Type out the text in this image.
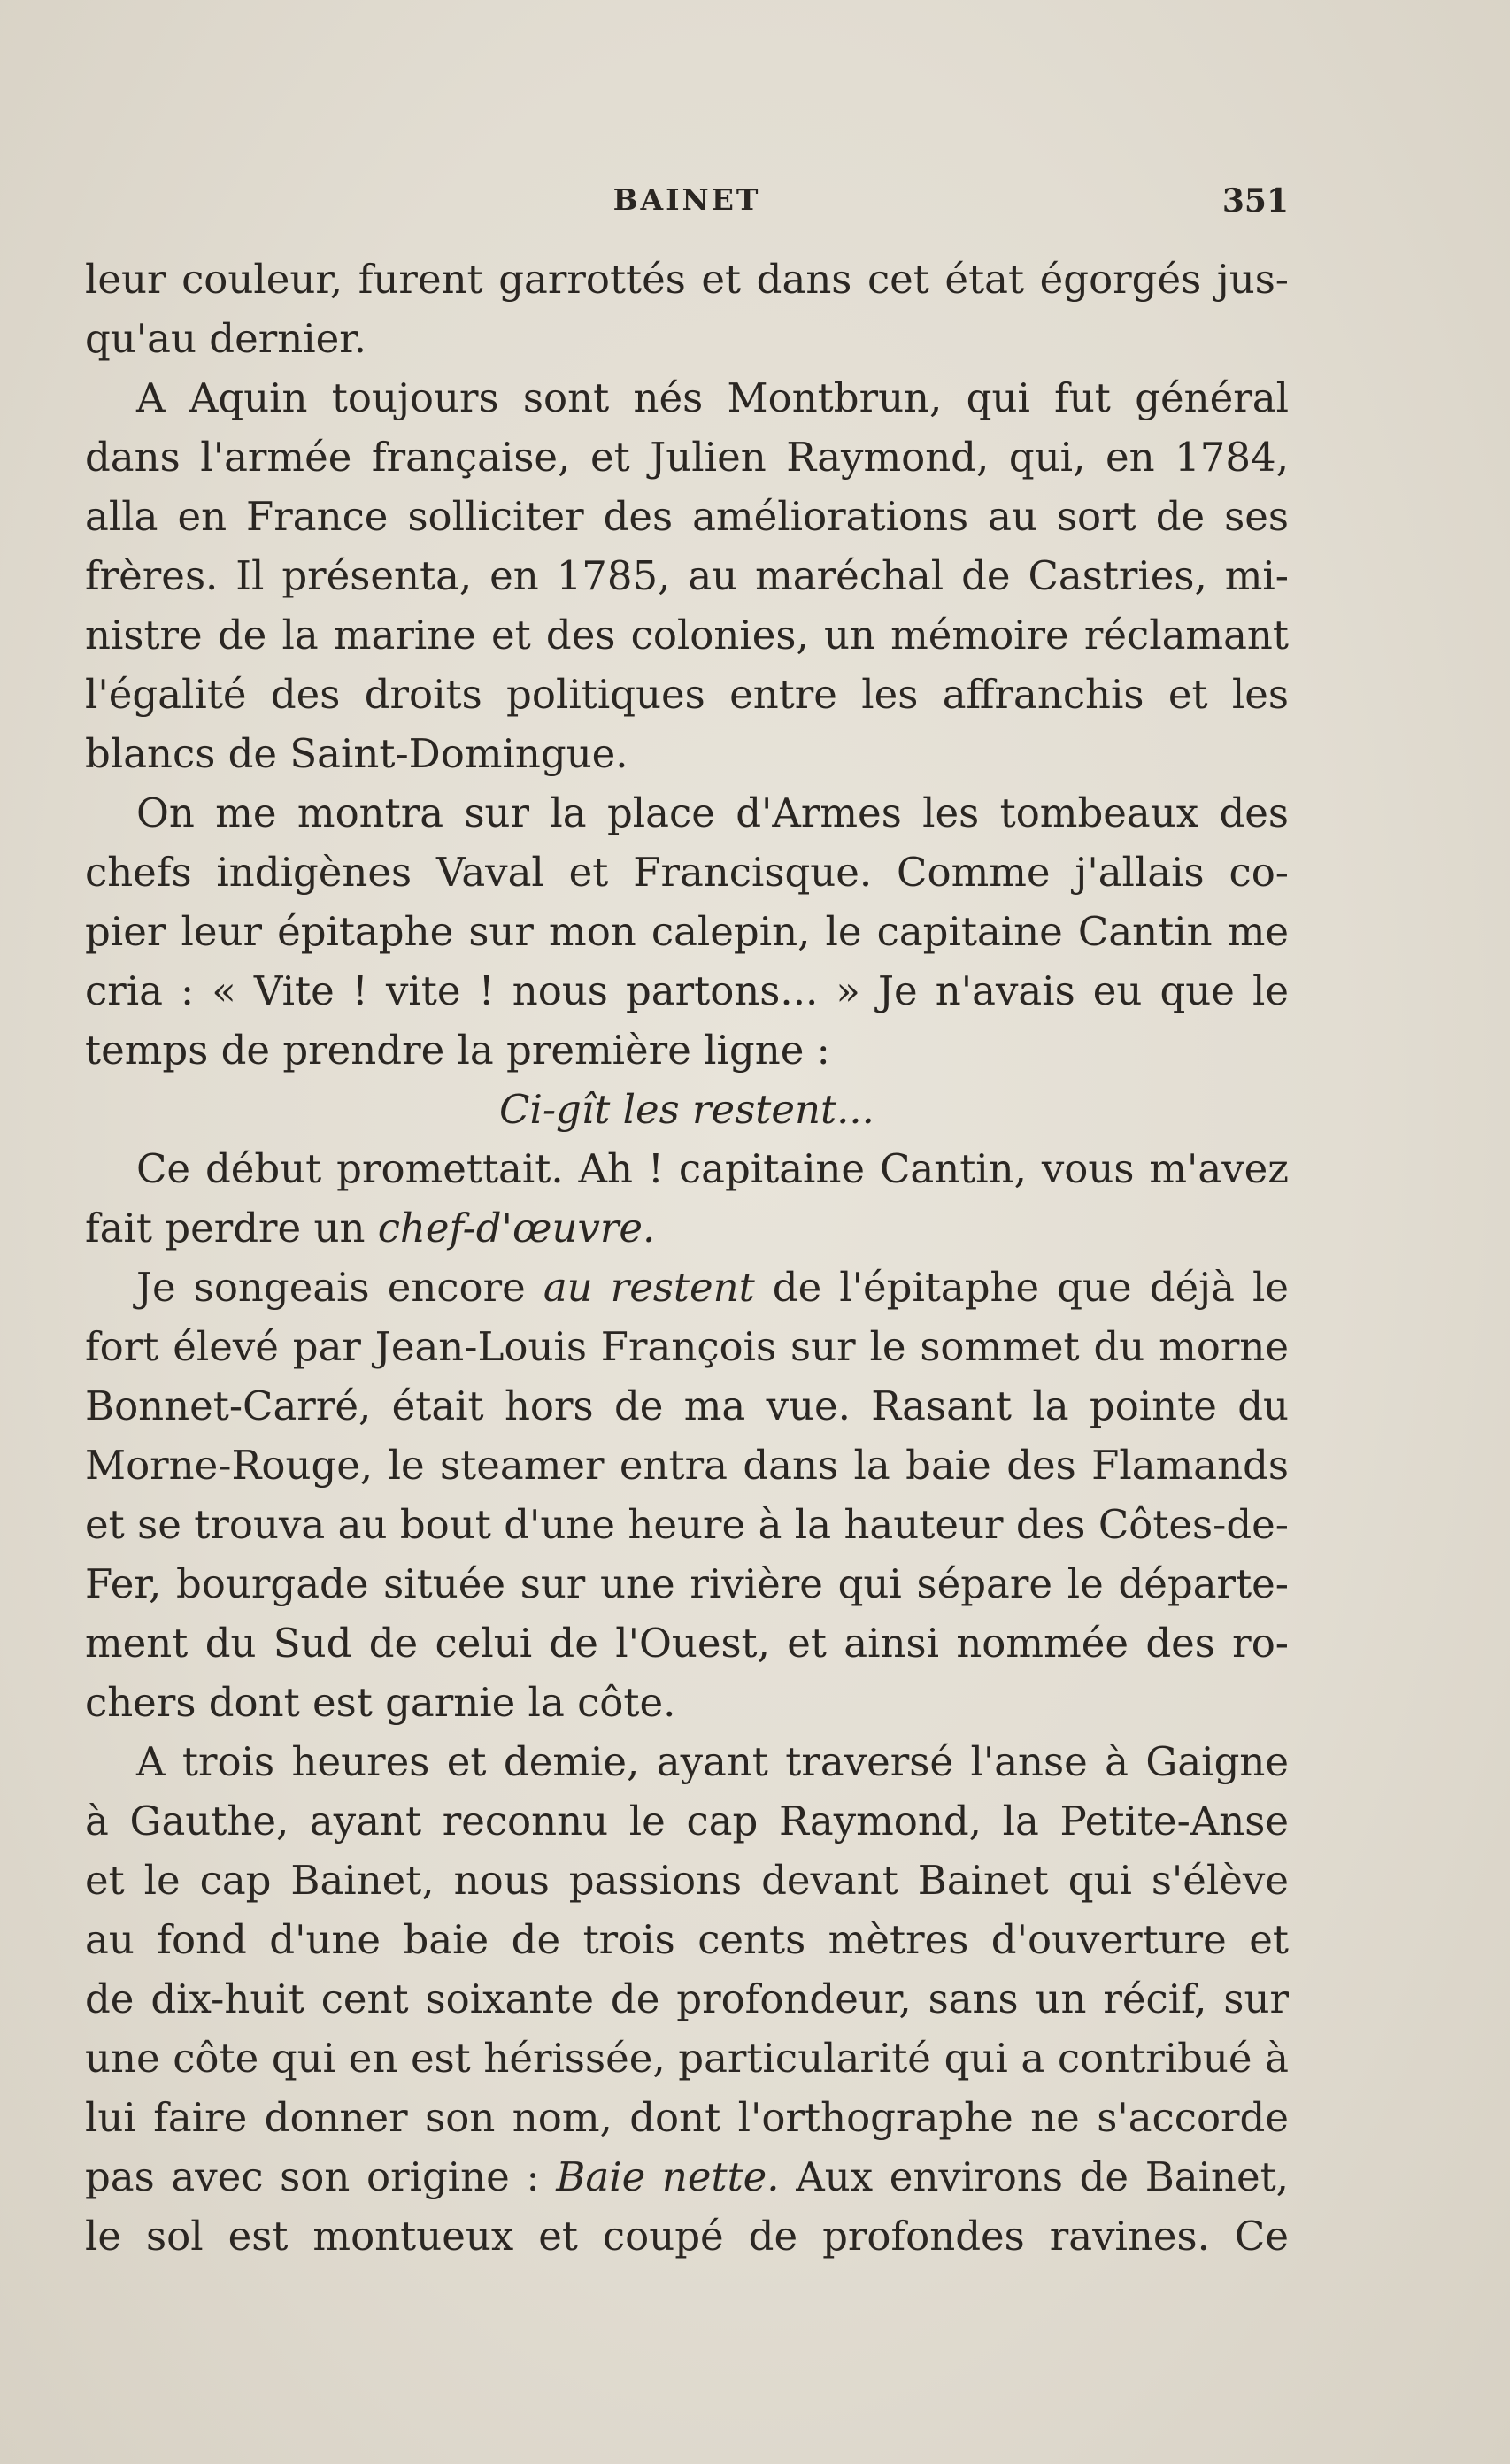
BAINET	351
leur couleur, furent garrottés et dans cet état égorgés jus-
qu'au dernier.
A Aquin toujours sont nés Montbrun, qui fut général
dans l'armée française, et Julien Raymond, qui, en 1784,
alla en France solliciter des améliorations au sort de ses
frères. Il présenta, en 1785, au maréchal de Castries, mi-
nistre de la marine et des colonies, un mémoire réclamant
l'égalité des droits politiques entre les affranchis et les
blancs de Saint-Domingue.
On me montra sur la place d'Armes les tombeaux des
chefs indigènes Vaval et Francisque. Comme j'allais co-
pier leur épitaphe sur mon calepin, le capitaine Cantin me
cria : « Vite ! vite ! nous partons... » Je n'avais eu que le
temps de prendre la première ligne :
Ci-gît les restent...
Ce début promettait. Ah ! capitaine Cantin, vous m'avez
fait perdre un chef-d'œuvre.
Je songeais encore au restent de l'épitaphe que déjà le
fort élevé par Jean-Louis François sur le sommet du morne
Bonnet-Carré, était hors de ma vue. Rasant la pointe du
Morne-Rouge, le steamer entra dans la baie des Flamands
et se trouva au bout d'une heure à la hauteur des Côtes-de-
Fer, bourgade située sur une rivière qui sépare le départe-
ment du Sud de celui de l'Ouest, et ainsi nommée des ro-
chers dont est garnie la côte.
A trois heures et demie, ayant traversé l'anse à Gaigne
à Gauthe, ayant reconnu le cap Raymond, la Petite-Anse
et le cap Bainet, nous passions devant Bainet qui s'élève
au fond d'une baie de trois cents mètres d'ouverture et
de dix-huit cent soixante de profondeur, sans un récif, sur
une côte qui en est hérissée, particularité qui a contribué à
lui faire donner son nom, dont l'orthographe ne s'accorde
pas avec son origine : Baie nette. Aux environs de Bainet,
le sol est montueux et coupé de profondes ravines. Ce
